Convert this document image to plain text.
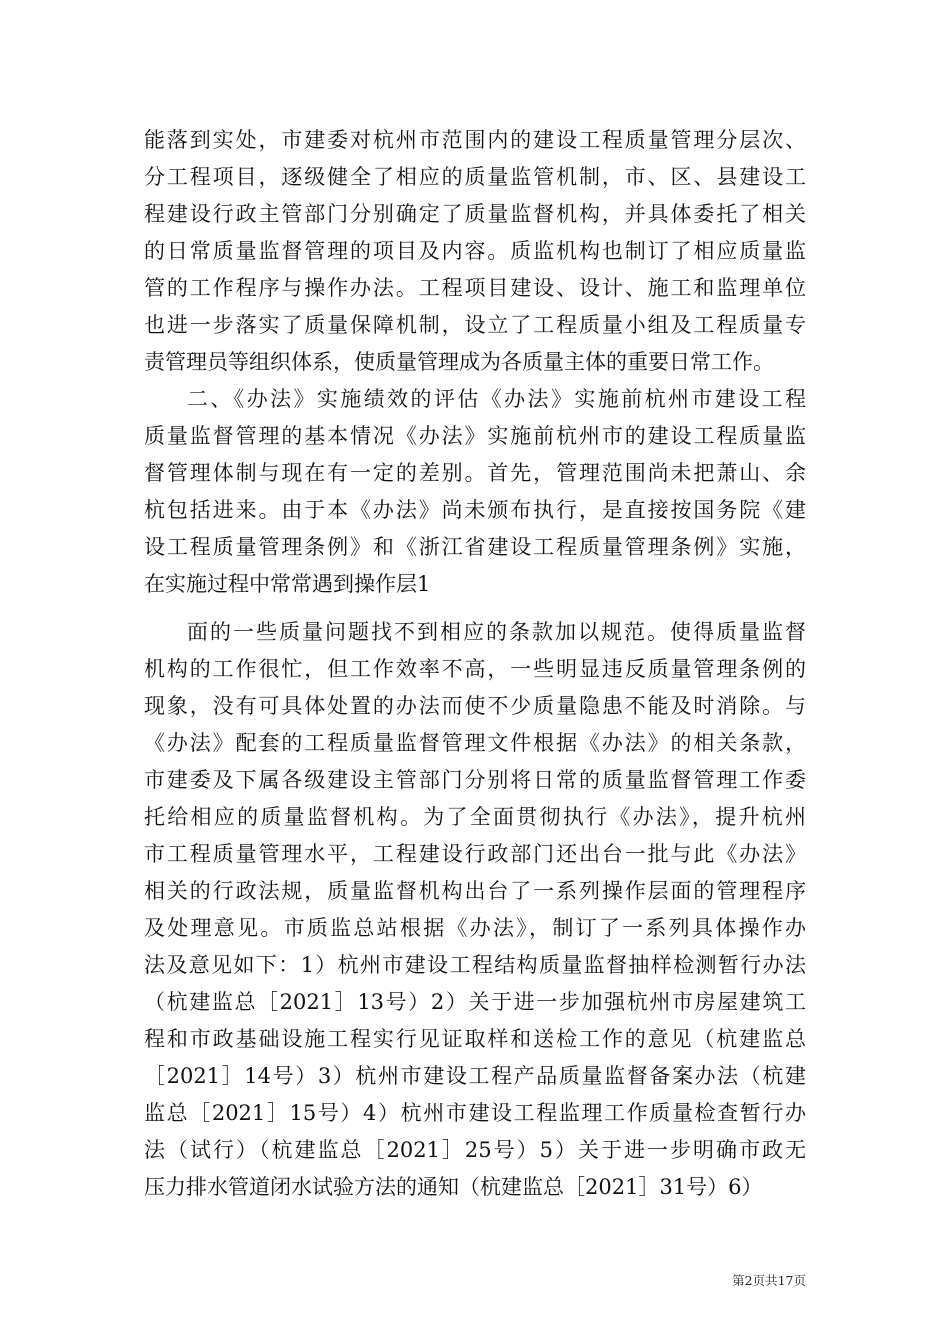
能落到实处，市建委对杭州市范围内的建设工程质量管理分层次、
分工程项目，逐级健全了相应的质量监管机制，市、区、县建设工
程建设行政主管部门分别确定了质量监督机构，并具体委托了相关
的日常质量监督管理的项目及内容。质监机构也制订了相应质量监
管的工作程序与操作办法。工程项目建设、设计、施工和监理单位
也进一步落实了质量保障机制，设立了工程质量小组及工程质量专
责管理员等组织体系，使质量管理成为各质量主体的重要日常工作。
二、《办法》实施绩效的评估《办法》实施前杭州市建设工程
质量监督管理的基本情况《办法》实施前杭州市的建设工程质量监
督管理体制与现在有一定的差别。首先，管理范围尚未把萧山、余
杭包括进来。由于本《办法》尚未颁布执行，是直接按国务院《建
设工程质量管理条例》和《浙江省建设工程质量管理条例》实施，
在实施过程中常常遇到操作层1
面的一些质量问题找不到相应的条款加以规范。使得质量监督
机构的工作很忙，但工作效率不高，一些明显违反质量管理条例的
现象，没有可具体处置的办法而使不少质量隐患不能及时消除。与
《办法》配套的工程质量监督管理文件根据《办法》的相关条款，
市建委及下属各级建设主管部门分别将日常的质量监督管理工作委
托给相应的质量监督机构。为了全面贯彻执行《办法》，提升杭州
市工程质量管理水平，工程建设行政部门还出台一批与此《办法》
相关的行政法规，质量监督机构出台了一系列操作层面的管理程序
及处理意见。市质监总站根据《办法》，制订了一系列具体操作办
法及意见如下：1）杭州市建设工程结构质量监督抽样检测暂行办法
（杭建监总［2021］13号）2）关于进一步加强杭州市房屋建筑工
程和市政基础设施工程实行见证取样和送检工作的意见（杭建监总
［2021］14号）3）杭州市建设工程产品质量监督备案办法（杭建
监总［2021］15号）4）杭州市建设工程监理工作质量检查暂行办
法（试行）（杭建监总［2021］25号）5）关于进一步明确市政无
压力排水管道闭水试验方法的通知（杭建监总［2021］31号）6）
第2页共17页
